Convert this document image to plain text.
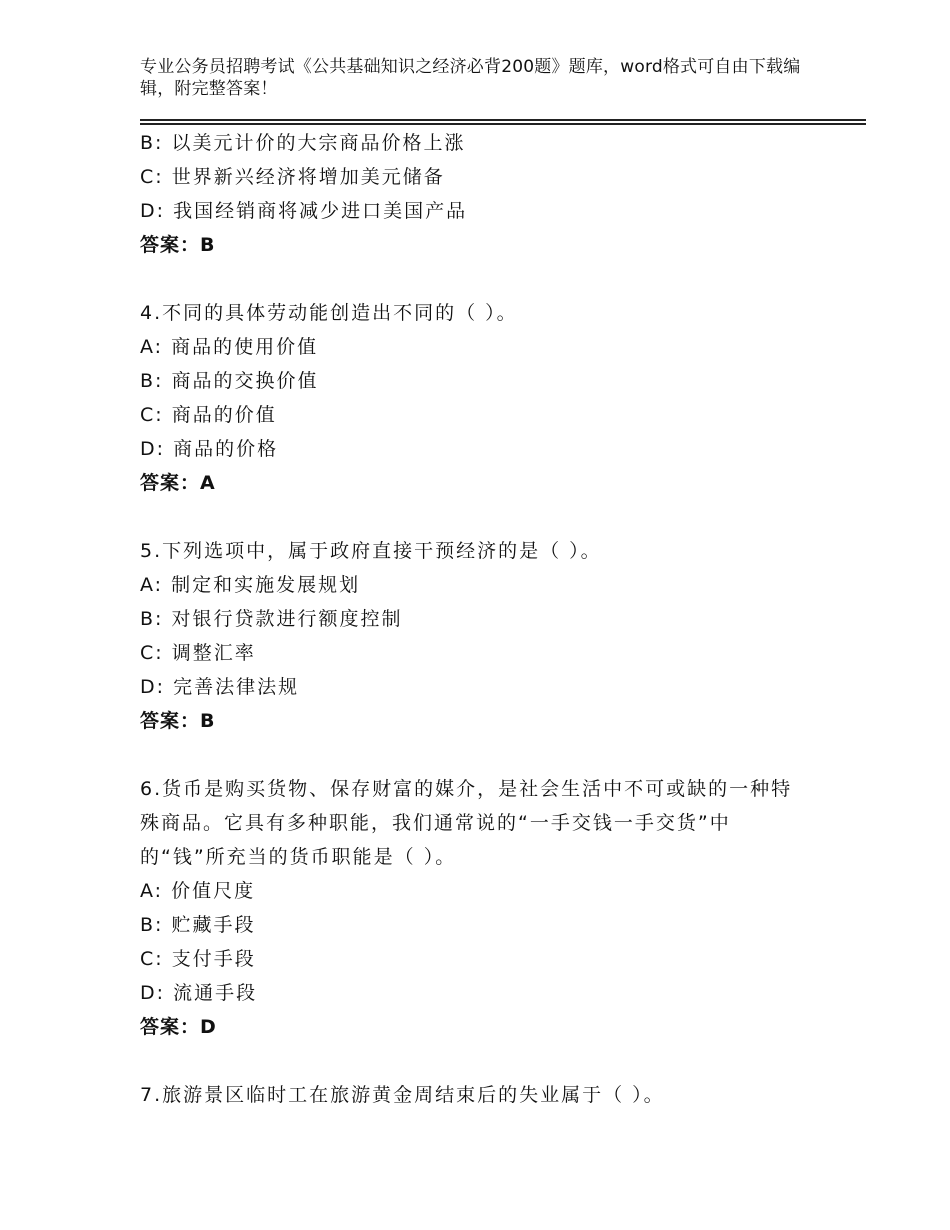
专业公务员招聘考试《公共基础知识之经济必背200题》题库，word格式可自由下载编辑，附完整答案！
B: 以美元计价的大宗商品价格上涨
C: 世界新兴经济将增加美元储备
D: 我国经销商将减少进口美国产品
答案：B
4.不同的具体劳动能创造出不同的（ ）。
A: 商品的使用价值
B: 商品的交换价值
C: 商品的价值
D: 商品的价格
答案：A
5.下列选项中，属于政府直接干预经济的是（ ）。
A: 制定和实施发展规划
B: 对银行贷款进行额度控制
C: 调整汇率
D: 完善法律法规
答案：B
6.货币是购买货物、保存财富的媒介，是社会生活中不可或缺的一种特殊商品。它具有多种职能，我们通常说的“一手交钱一手交货”中的“钱”所充当的货币职能是（ ）。
A: 价值尺度
B: 贮藏手段
C: 支付手段
D: 流通手段
答案：D
7.旅游景区临时工在旅游黄金周结束后的失业属于（ ）。
